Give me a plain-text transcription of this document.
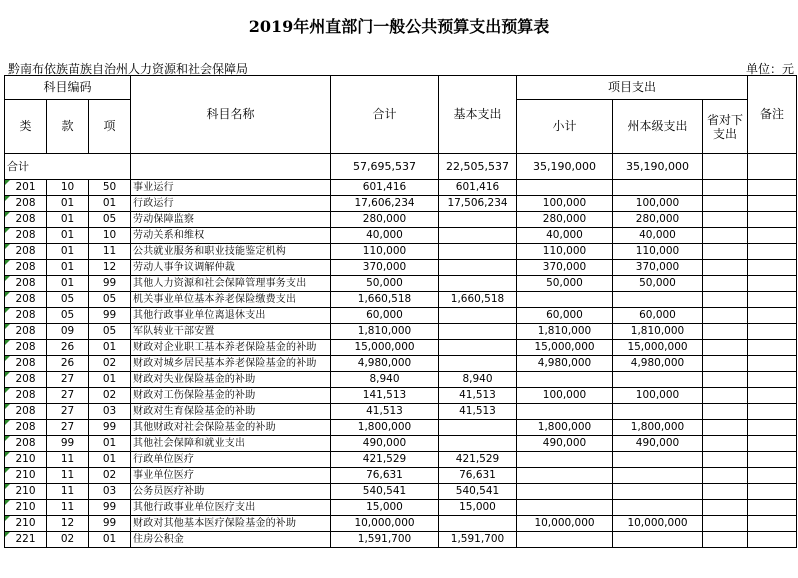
2019年州直部门一般公共预算支出预算表
黔南布依族苗族自治州人力资源和社会保障局	单位：元
科目编码			科目名称	合计	基本支出	项目支出			备注
类	款	项				小计	州本级支出	省对下支出	

合计				57,695,537	22,505,537	35,190,000	35,190,000		
201	10	50	事业运行	601,416	601,416				
208	01	01	行政运行	17,606,234	17,506,234	100,000	100,000		
208	01	05	劳动保障监察	280,000		280,000	280,000		
208	01	10	劳动关系和维权	40,000		40,000	40,000		
208	01	11	公共就业服务和职业技能鉴定机构	110,000		110,000	110,000		
208	01	12	劳动人事争议调解仲裁	370,000		370,000	370,000		
208	01	99	其他人力资源和社会保障管理事务支出	50,000		50,000	50,000		
208	05	05	机关事业单位基本养老保险缴费支出	1,660,518	1,660,518				
208	05	99	其他行政事业单位离退休支出	60,000		60,000	60,000		
208	09	05	军队转业干部安置	1,810,000		1,810,000	1,810,000		
208	26	01	财政对企业职工基本养老保险基金的补助	15,000,000		15,000,000	15,000,000		
208	26	02	财政对城乡居民基本养老保险基金的补助	4,980,000		4,980,000	4,980,000		
208	27	01	财政对失业保险基金的补助	8,940	8,940				
208	27	02	财政对工伤保险基金的补助	141,513	41,513	100,000	100,000		
208	27	03	财政对生育保险基金的补助	41,513	41,513				
208	27	99	其他财政对社会保险基金的补助	1,800,000		1,800,000	1,800,000		
208	99	01	其他社会保障和就业支出	490,000		490,000	490,000		
210	11	01	行政单位医疗	421,529	421,529				
210	11	02	事业单位医疗	76,631	76,631				
210	11	03	公务员医疗补助	540,541	540,541				
210	11	99	其他行政事业单位医疗支出	15,000	15,000				
210	12	99	财政对其他基本医疗保险基金的补助	10,000,000		10,000,000	10,000,000		
221	02	01	住房公积金	1,591,700	1,591,700				
